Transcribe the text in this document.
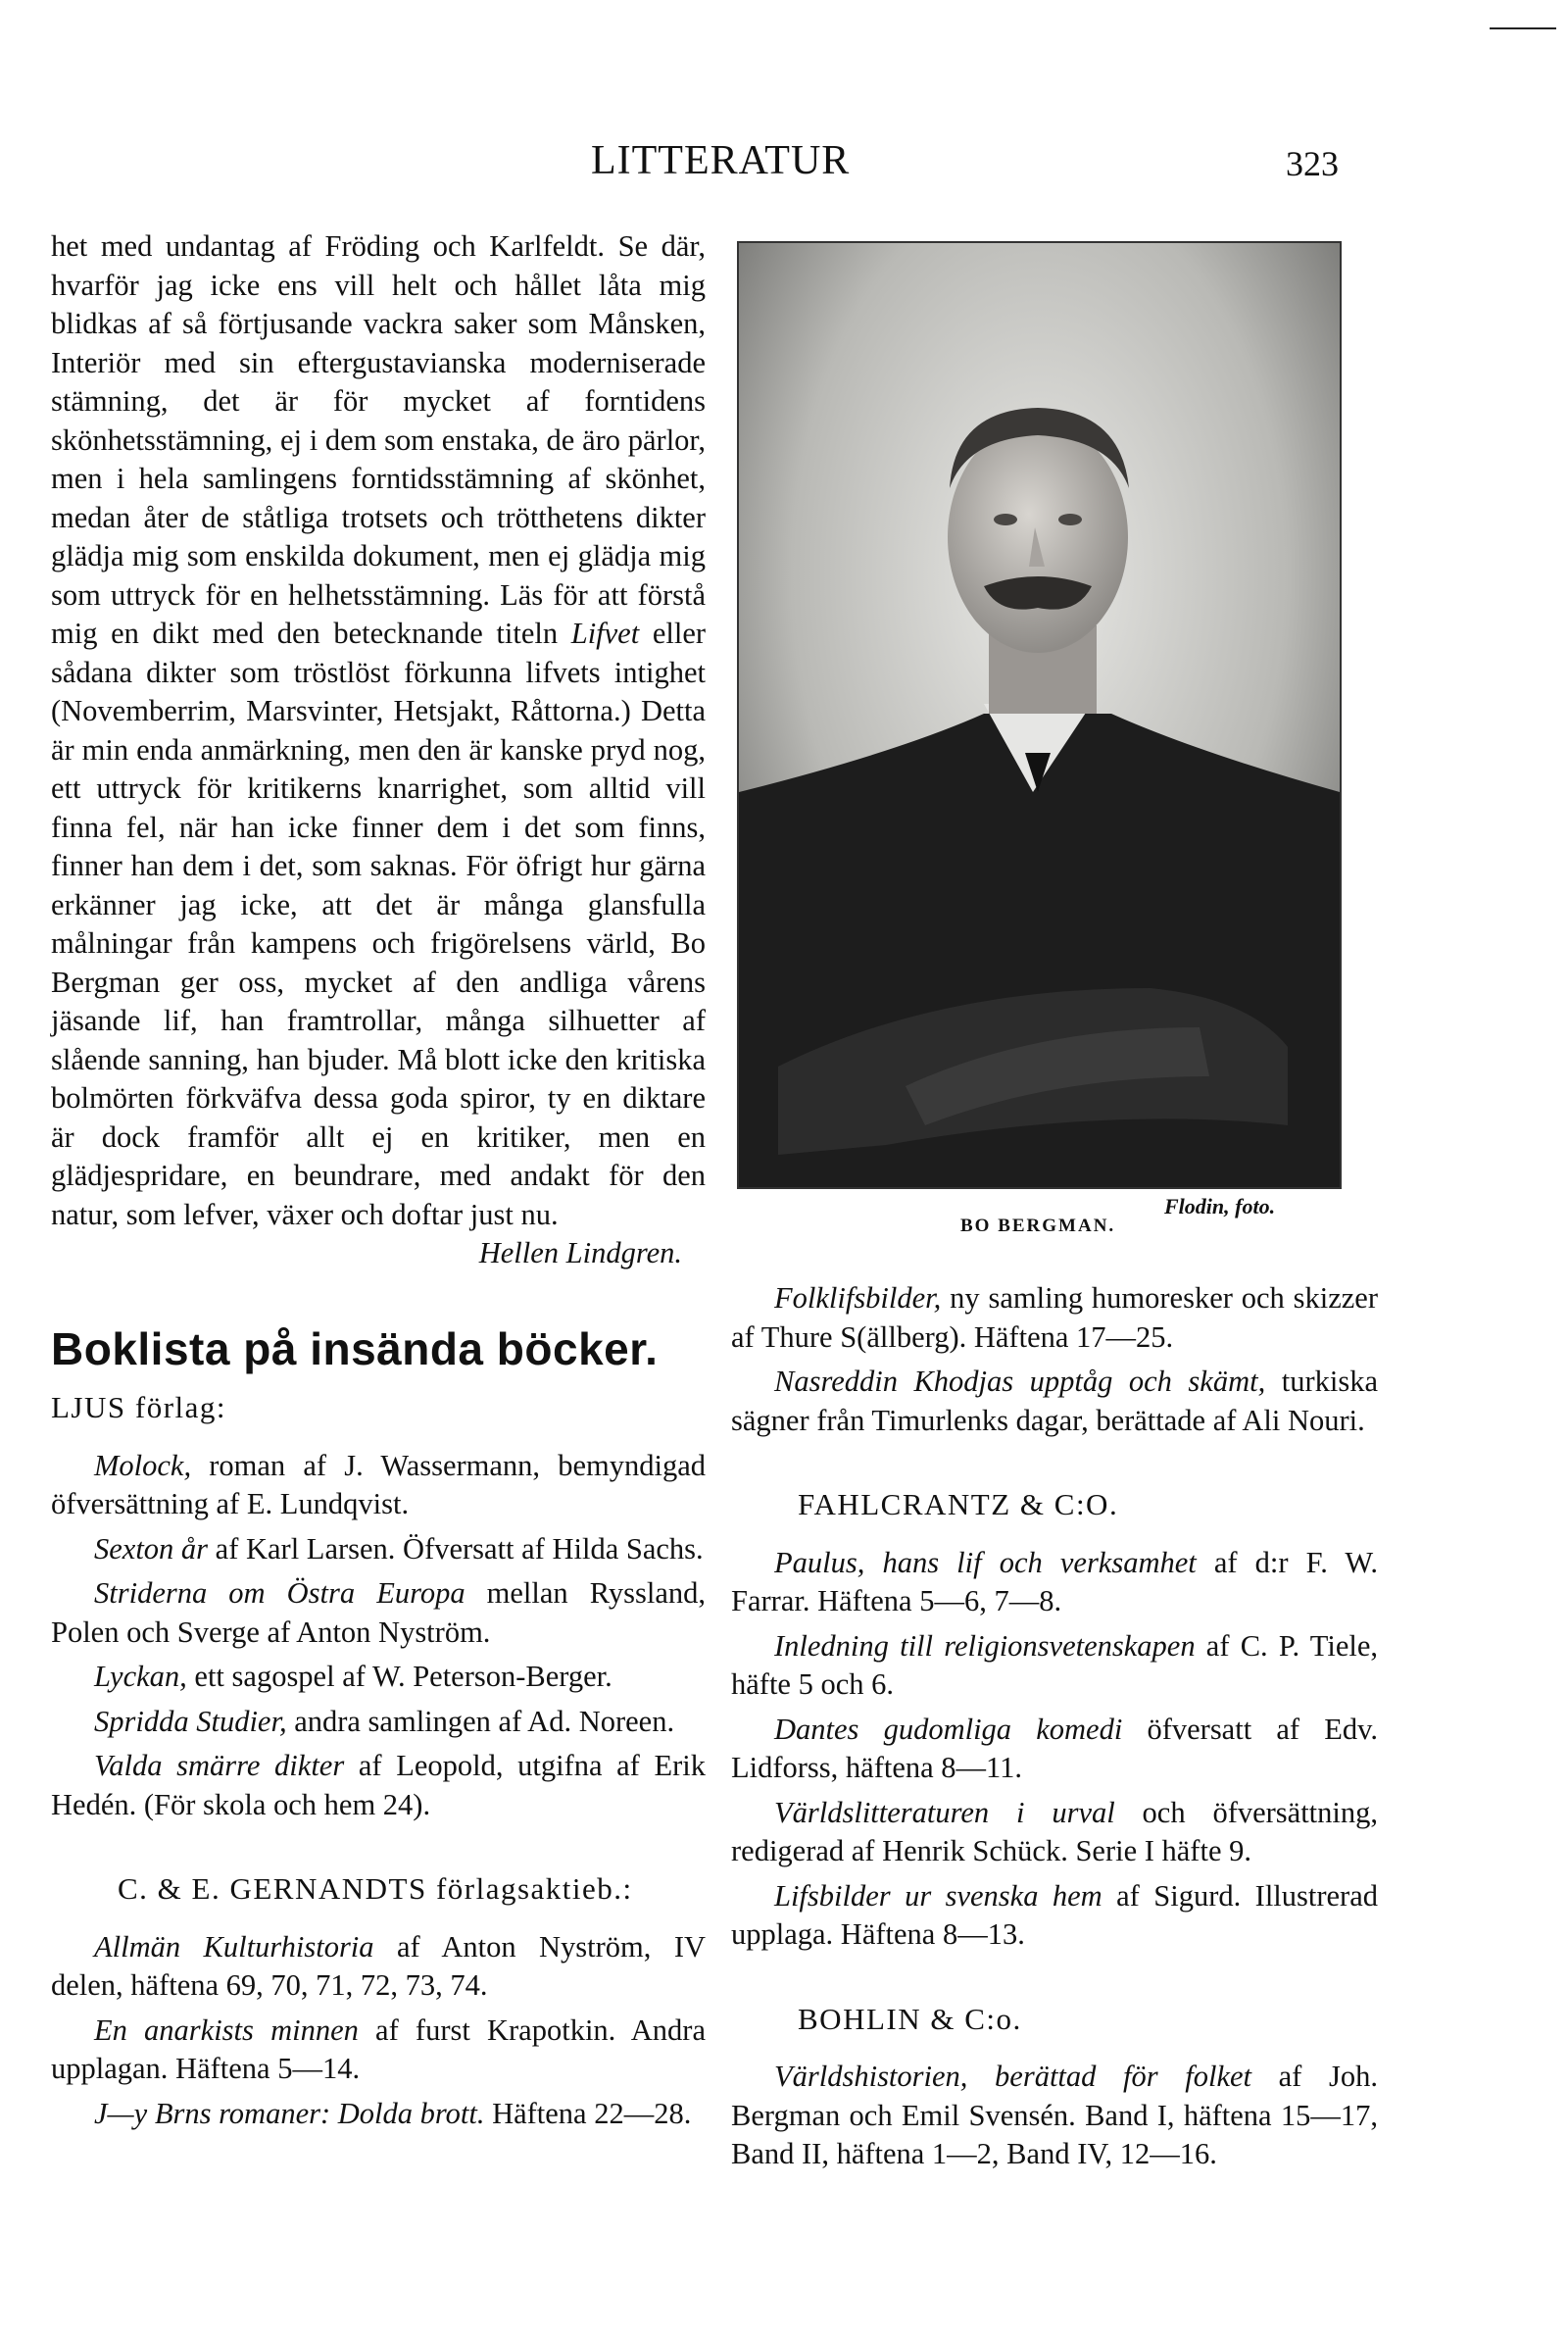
LITTERATUR	323

het med undantag af Fröding och Karlfeldt. Se där, hvarför jag icke ens vill helt och hållet låta mig blidkas af så förtjusande vackra saker som Månsken, Interiör med sin eftergustavianska moderniserade stämning, det är för mycket af forntidens skönhetsstämning, ej i dem som enstaka, de äro pärlor, men i hela samlingens forntidsstämning af skönhet, medan åter de ståtliga trotsets och trötthetens dikter glädja mig som enskilda dokument, men ej glädja mig som uttryck för en helhetsstämning. Läs för att förstå mig en dikt med den betecknande titeln Lifvet eller sådana dikter som tröstlöst förkunna lifvets intighet (Novemberrim, Marsvinter, Hetsjakt, Råttorna.) Detta är min enda anmärkning, men den är kanske pryd nog, ett uttryck för kritikerns knarrighet, som alltid vill finna fel, när han icke finner dem i det som finns, finner han dem i det, som saknas. För öfrigt hur gärna erkänner jag icke, att det är många glansfulla målningar från kampens och frigörelsens värld, Bo Bergman ger oss, mycket af den andliga vårens jäsande lif, han framtrollar, många silhuetter af slående sanning, han bjuder. Må blott icke den kritiska bolmörten förkväfva dessa goda spiror, ty en diktare är dock framför allt ej en kritiker, men en glädjespridare, en beundrare, med andakt för den natur, som lefver, växer och doftar just nu.

Hellen Lindgren.

Boklista på insända böcker.

LJUS förlag:

Molock, roman af J. Wassermann, bemyndigad öfversättning af E. Lundqvist.

Sexton år af Karl Larsen. Öfversatt af Hilda Sachs.

Striderna om Östra Europa mellan Ryssland, Polen och Sverge af Anton Nyström.

Lyckan, ett sagospel af W. Peterson-Berger.

Spridda Studier, andra samlingen af Ad. Noreen.

Valda smärre dikter af Leopold, utgifna af Erik Hedén. (För skola och hem 24).

C. & E. GERNANDTS förlagsaktieb.:

Allmän Kulturhistoria af Anton Nyström, IV delen, häftena 69, 70, 71, 72, 73, 74.

En anarkists minnen af furst Krapotkin. Andra upplagan. Häftena 5—14.

J—y Brns romaner: Dolda brott. Häftena 22—28.

Flodin, foto.
BO BERGMAN.

Folklifsbilder, ny samling humoresker och skizzer af Thure S(ällberg). Häftena 17—25.

Nasreddin Khodjas upptåg och skämt, turkiska sägner från Timurlenks dagar, berättade af Ali Nouri.

FAHLCRANTZ & C:O.

Paulus, hans lif och verksamhet af d:r F. W. Farrar. Häftena 5—6, 7—8.

Inledning till religionsvetenskapen af C. P. Tiele, häfte 5 och 6.

Dantes gudomliga komedi öfversatt af Edv. Lidforss, häftena 8—11.

Världslitteraturen i urval och öfversättning, redigerad af Henrik Schück. Serie I häfte 9.

Lifsbilder ur svenska hem af Sigurd. Illustrerad upplaga. Häftena 8—13.

BOHLIN & C:o.

Världshistorien, berättad för folket af Joh. Bergman och Emil Svensén. Band I, häftena 15—17, Band II, häftena 1—2, Band IV, 12—16.
